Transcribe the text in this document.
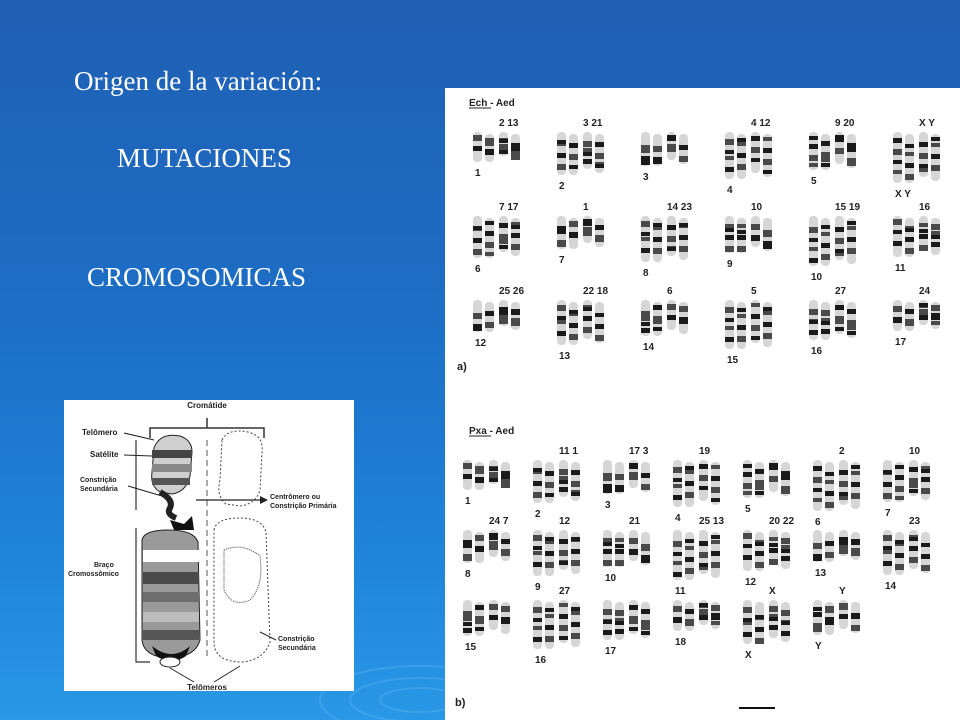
Origen de la variación:
MUTACIONES
CROMOSOMICAS
Cromátide
Telômero
Satélite
Constrição
Secundária
Braço
Cromossômico
Centrômero ou
Constrição Primária
Constrição
Secundária
Telômeros
Ech - Aed
a)
Pxa - Aed
b)
2 13
1
3 21
2
3
4 12
4
9 20
5
X Y
X Y
7 17
6
1
7
14 23
8
10
9
15 19
10
16
11
25 26
12
22 18
13
6
14
5
15
27
16
24
17
1
11 1
2
17 3
3
19
4
5
2
6
10
7
24 7
8
12
9
21
10
25 13
11
20 22
12
13
23
14
15
27
16
17
18
X
X
Y
Y
